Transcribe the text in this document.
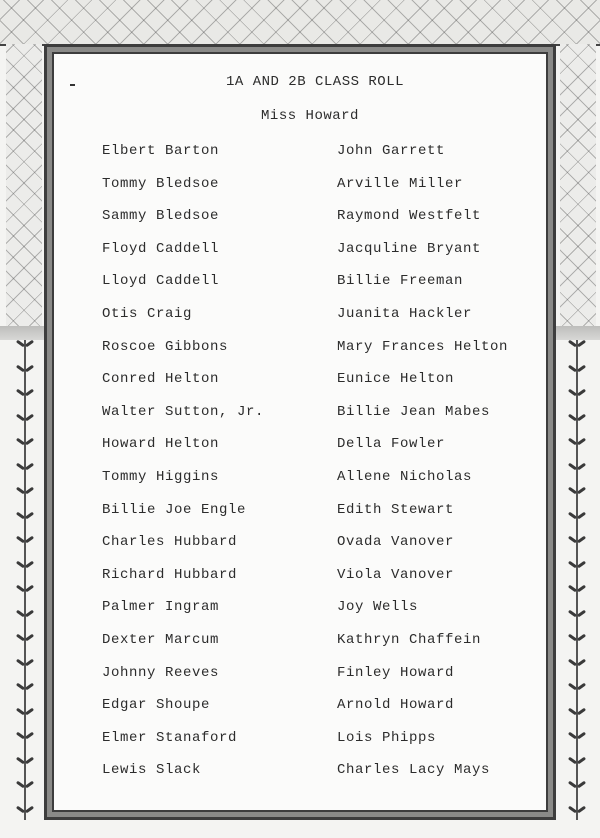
1A AND 2B CLASS ROLL
Miss Howard
Elbert Barton
Tommy Bledsoe
Sammy Bledsoe
Floyd Caddell
Lloyd Caddell
Otis Craig
Roscoe Gibbons
Conred Helton
Walter Sutton, Jr.
Howard Helton
Tommy Higgins
Billie Joe Engle
Charles Hubbard
Richard Hubbard
Palmer Ingram
Dexter Marcum
Johnny Reeves
Edgar Shoupe
Elmer Stanaford
Lewis Slack
John Garrett
Arville Miller
Raymond Westfelt
Jacquline Bryant
Billie Freeman
Juanita Hackler
Mary Frances Helton
Eunice Helton
Billie Jean Mabes
Della Fowler
Allene Nicholas
Edith Stewart
Ovada Vanover
Viola Vanover
Joy Wells
Kathryn Chaffein
Finley Howard
Arnold Howard
Lois Phipps
Charles Lacy Mays
